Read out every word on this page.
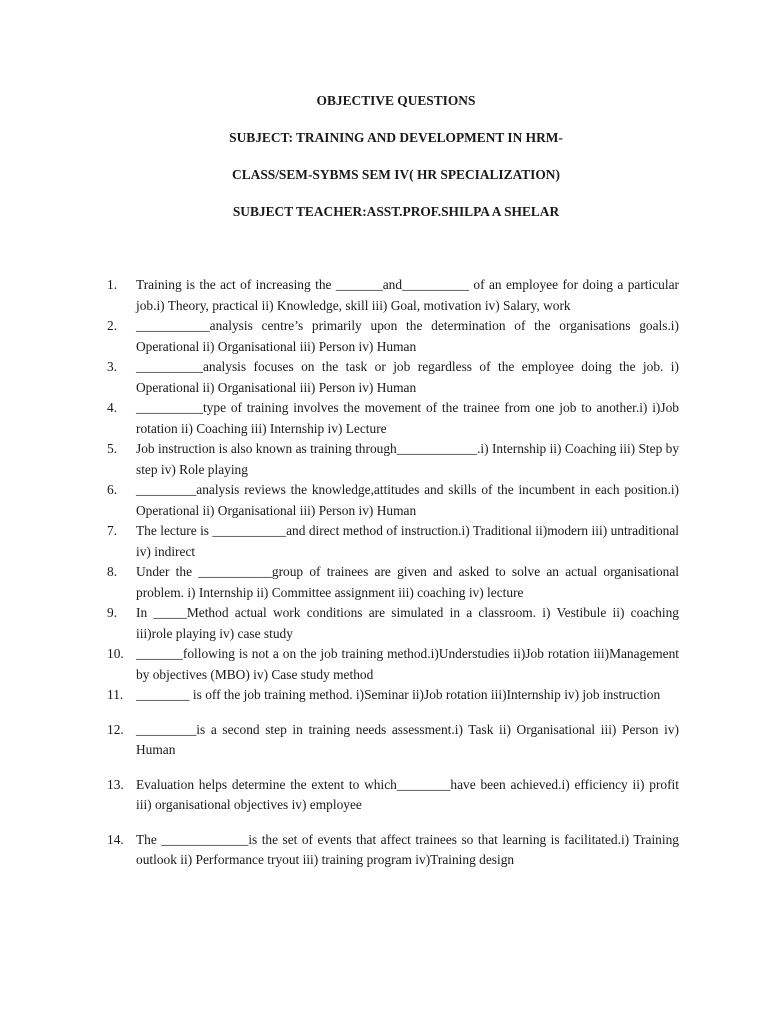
OBJECTIVE QUESTIONS
SUBJECT: TRAINING AND DEVELOPMENT IN HRM-
CLASS/SEM-SYBMS SEM IV( HR SPECIALIZATION)
SUBJECT TEACHER:ASST.PROF.SHILPA A SHELAR
1. Training is the act of increasing the _______and__________ of an employee for doing a particular job.i) Theory, practical ii) Knowledge, skill iii) Goal, motivation iv) Salary, work
2. ___________analysis centre’s primarily upon the determination of the organisations goals.i) Operational ii) Organisational iii) Person iv) Human
3. __________analysis focuses on the task or job regardless of the employee doing the job. i) Operational ii) Organisational iii) Person iv) Human
4. __________type of training involves the movement of the trainee from one job to another.i) i)Job rotation ii) Coaching iii) Internship iv) Lecture
5. Job instruction is also known as training through____________.i) Internship ii) Coaching iii) Step by step iv) Role playing
6. _________analysis reviews the knowledge,attitudes and skills of the incumbent in each position.i) Operational ii) Organisational iii) Person iv) Human
7. The lecture is ___________and direct method of instruction.i) Traditional ii)modern iii) untraditional iv) indirect
8. Under the ___________group of trainees are given and asked to solve an actual organisational problem. i) Internship ii) Committee assignment iii) coaching iv) lecture
9. In _____Method actual work conditions are simulated in a classroom. i) Vestibule ii) coaching iii)role playing iv) case study
10. _______following is not a on the job training method.i)Understudies ii)Job rotation iii)Management by objectives (MBO) iv) Case study method
11. ________ is off the job training method. i)Seminar ii)Job rotation iii)Internship iv) job instruction
12. _________is a second step in training needs assessment.i) Task ii) Organisational iii) Person iv) Human
13. Evaluation helps determine the extent to which________have been achieved.i) efficiency ii) profit iii) organisational objectives iv) employee
14. The _____________is the set of events that affect trainees so that learning is facilitated.i) Training outlook ii) Performance tryout iii) training program iv)Training design
